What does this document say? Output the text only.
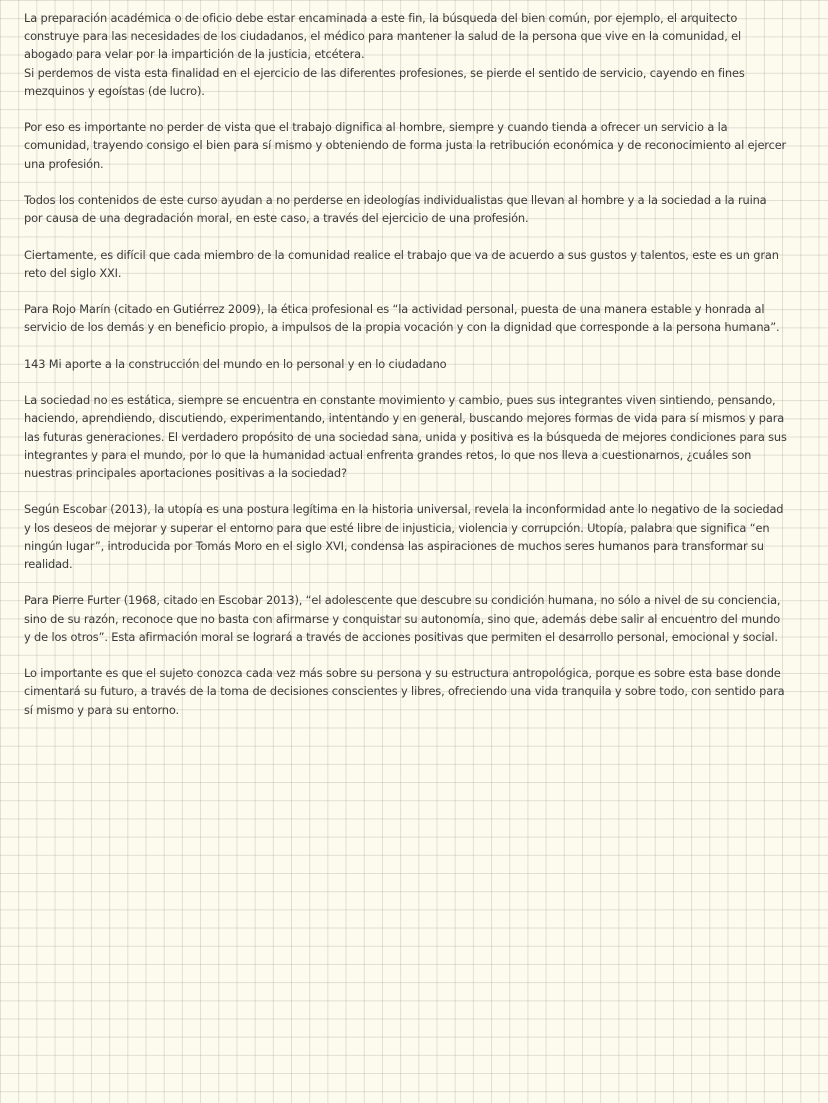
La preparación académica o de oficio debe estar encaminada a este fin, la búsqueda del bien común, por ejemplo, el arquitecto construye para las necesidades de los ciudadanos, el médico para mantener la salud de la persona que vive en la comunidad, el abogado para velar por la impartición de la justicia, etcétera.

Si perdemos de vista esta finalidad en el ejercicio de las diferentes profesiones, se pierde el sentido de servicio, cayendo en fines mezquinos y egoístas (de lucro).

Por eso es importante no perder de vista que el trabajo dignifica al hombre, siempre y cuando tienda a ofrecer un servicio a la comunidad, trayendo consigo el bien para sí mismo y obteniendo de forma justa la retribución económica y de reconocimiento al ejercer una profesión.

Todos los contenidos de este curso ayudan a no perderse en ideologías individualistas que llevan al hombre y a la sociedad a la ruina por causa de una degradación moral, en este caso, a través del ejercicio de una profesión.

Ciertamente, es difícil que cada miembro de la comunidad realice el trabajo que va de acuerdo a sus gustos y talentos, este es un gran reto del siglo XXI.

Para Rojo Marín (citado en Gutiérrez 2009), la ética profesional es “la actividad personal, puesta de una manera estable y honrada al servicio de los demás y en beneficio propio, a impulsos de la propia vocación y con la dignidad que corresponde a la persona humana”.

143 Mi aporte a la construcción del mundo en lo personal y en lo ciudadano

La sociedad no es estática, siempre se encuentra en constante movimiento y cambio, pues sus integrantes viven sintiendo, pensando, haciendo, aprendiendo, discutiendo, experimentando, intentando y en general, buscando mejores formas de vida para sí mismos y para las futuras generaciones. El verdadero propósito de una sociedad sana, unida y positiva es la búsqueda de mejores condiciones para sus integrantes y para el mundo, por lo que la humanidad actual enfrenta grandes retos, lo que nos lleva a cuestionarnos, ¿cuáles son nuestras principales aportaciones positivas a la sociedad?

Según Escobar (2013), la utopía es una postura legítima en la historia universal, revela la inconformidad ante lo negativo de la sociedad y los deseos de mejorar y superar el entorno para que esté libre de injusticia, violencia y corrupción. Utopía, palabra que significa “en ningún lugar”, introducida por Tomás Moro en el siglo XVI, condensa las aspiraciones de muchos seres humanos para transformar su realidad.

Para Pierre Furter (1968, citado en Escobar 2013), “el adolescente que descubre su condición humana, no sólo a nivel de su conciencia, sino de su razón, reconoce que no basta con afirmarse y conquistar su autonomía, sino que, además debe salir al encuentro del mundo y de los otros”. Esta afirmación moral se logrará a través de acciones positivas que permiten el desarrollo personal, emocional y social.

Lo importante es que el sujeto conozca cada vez más sobre su persona y su estructura antropológica, porque es sobre esta base donde cimentará su futuro, a través de la toma de decisiones conscientes y libres, ofreciendo una vida tranquila y sobre todo, con sentido para sí mismo y para su entorno.
